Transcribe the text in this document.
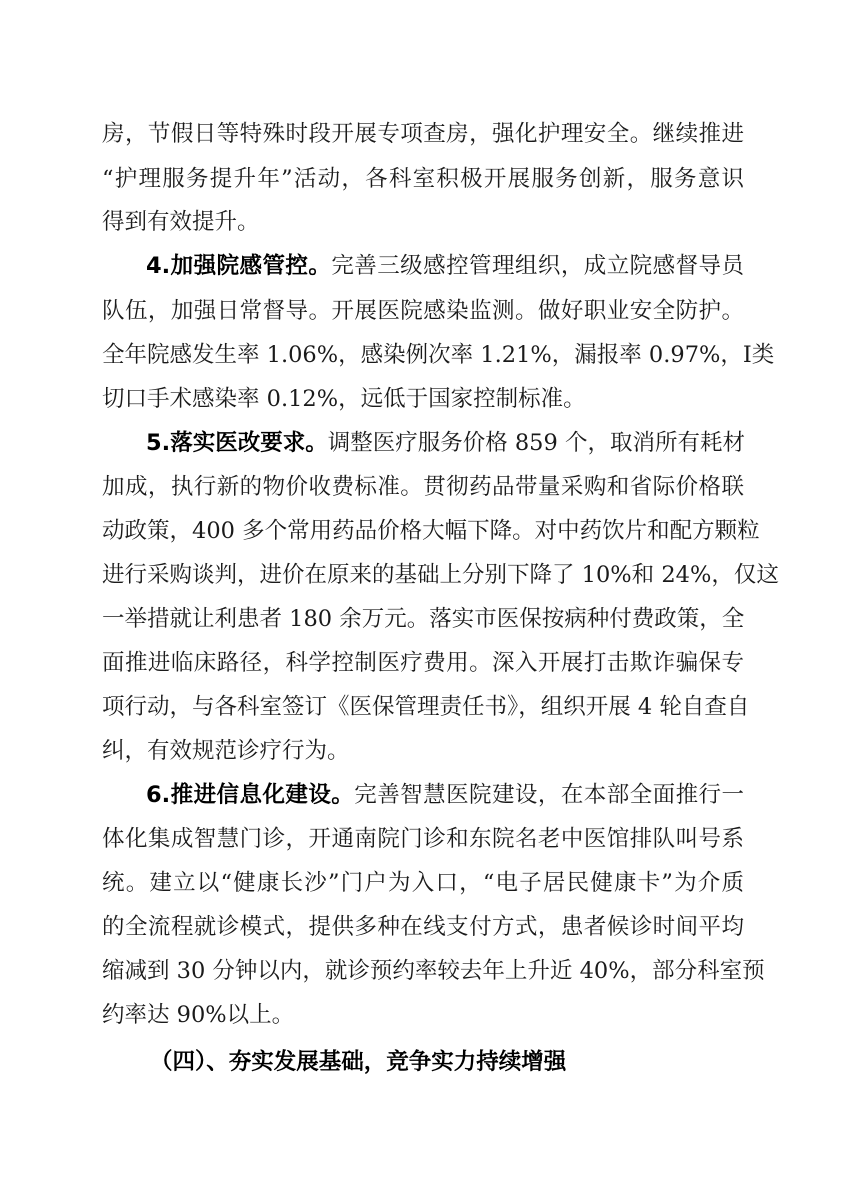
房，节假日等特殊时段开展专项查房，强化护理安全。继续推进
“护理服务提升年”活动，各科室积极开展服务创新，服务意识
得到有效提升。
4.加强院感管控。完善三级感控管理组织，成立院感督导员
队伍，加强日常督导。开展医院感染监测。做好职业安全防护。
全年院感发生率 1.06%，感染例次率 1.21%，漏报率 0.97%，Ⅰ类
切口手术感染率 0.12%，远低于国家控制标准。
5.落实医改要求。调整医疗服务价格 859 个，取消所有耗材
加成，执行新的物价收费标准。贯彻药品带量采购和省际价格联
动政策，400 多个常用药品价格大幅下降。对中药饮片和配方颗粒
进行采购谈判，进价在原来的基础上分别下降了 10%和 24%，仅这
一举措就让利患者 180 余万元。落实市医保按病种付费政策，全
面推进临床路径，科学控制医疗费用。深入开展打击欺诈骗保专
项行动，与各科室签订《医保管理责任书》，组织开展 4 轮自查自
纠，有效规范诊疗行为。
6.推进信息化建设。完善智慧医院建设，在本部全面推行一
体化集成智慧门诊，开通南院门诊和东院名老中医馆排队叫号系
统。建立以“健康长沙”门户为入口，“电子居民健康卡”为介质
的全流程就诊模式，提供多种在线支付方式，患者候诊时间平均
缩减到 30 分钟以内，就诊预约率较去年上升近 40%，部分科室预
约率达 90%以上。
（四）、夯实发展基础，竞争实力持续增强
